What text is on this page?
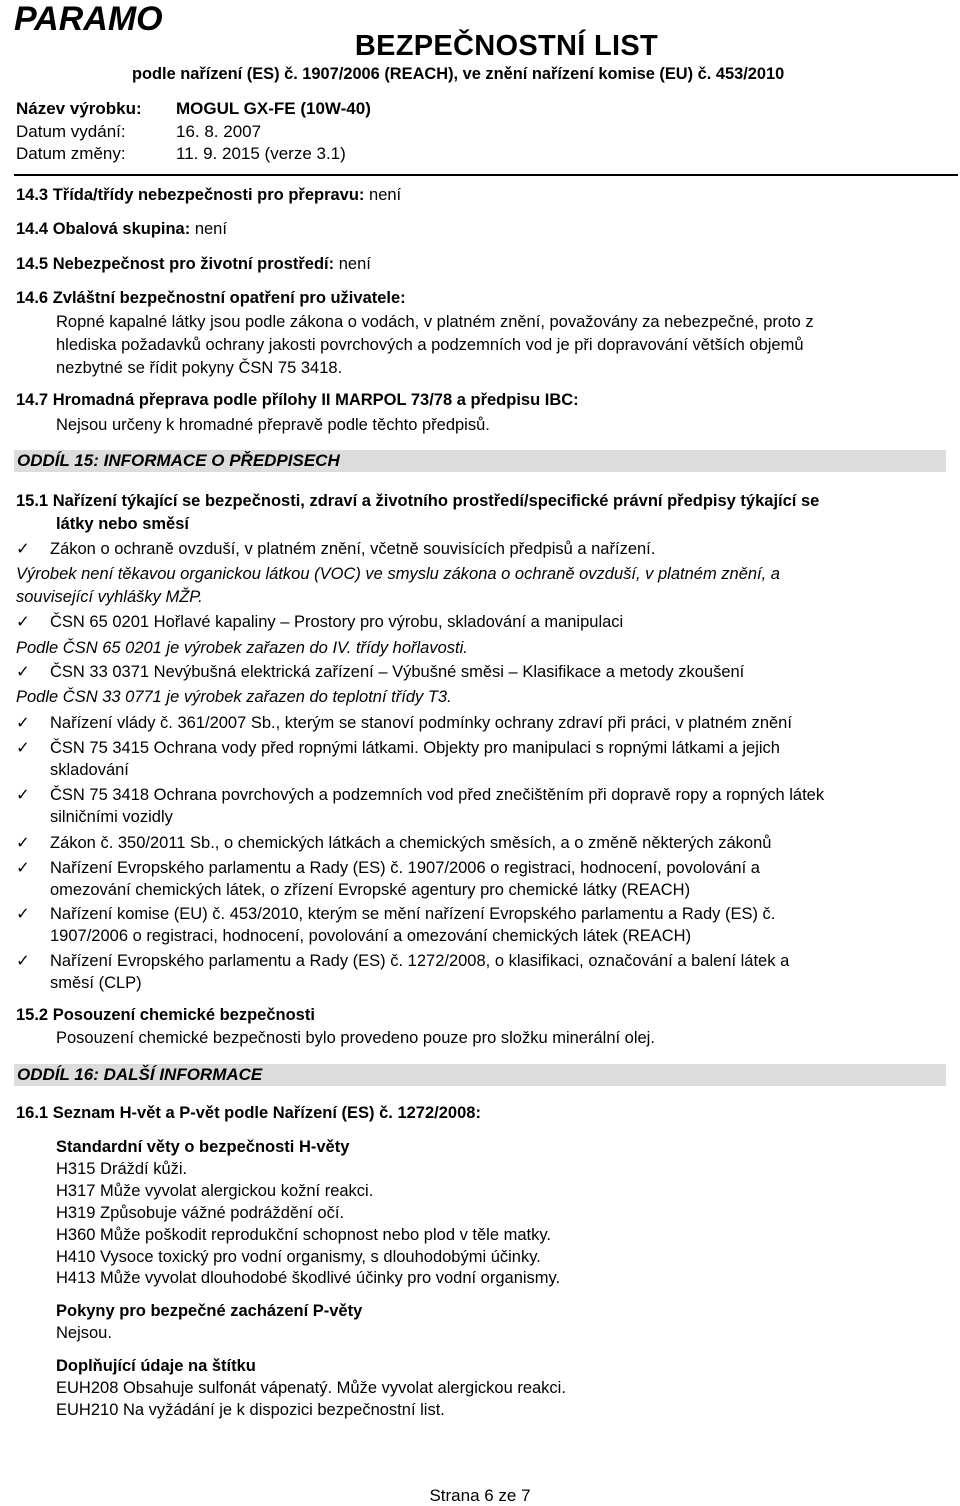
PARAMO
BEZPEČNOSTNÍ LIST
podle nařízení (ES) č. 1907/2006 (REACH), ve znění nařízení komise (EU) č. 453/2010
Název výrobku: MOGUL GX-FE (10W-40)
Datum vydání:	16. 8. 2007
Datum změny:	11. 9. 2015 (verze 3.1)
14.3 Třída/třídy nebezpečnosti pro přepravu: není
14.4 Obalová skupina: není
14.5 Nebezpečnost pro životní prostředí: není
14.6 Zvláštní bezpečnostní opatření pro uživatele:
Ropné kapalné látky jsou podle zákona o vodách, v platném znění, považovány za nebezpečné, proto z
hlediska požadavků ochrany jakosti povrchových a podzemních vod je při dopravování větších objemů
nezbytné se řídit pokyny ČSN 75 3418.
14.7 Hromadná přeprava podle přílohy II MARPOL 73/78 a předpisu IBC:
Nejsou určeny k hromadné přepravě podle těchto předpisů.
ODDÍL 15: INFORMACE O PŘEDPISECH
15.1 Nařízení týkající se bezpečnosti, zdraví a životního prostředí/specifické právní předpisy týkající se
látky nebo směsí
✓ Zákon o ochraně ovzduší, v platném znění, včetně souvisících předpisů a nařízení.
Výrobek není těkavou organickou látkou (VOC) ve smyslu zákona o ochraně ovzduší, v platném znění, a
související vyhlášky MŽP.
✓ ČSN 65 0201 Hořlavé kapaliny – Prostory pro výrobu, skladování a manipulaci
Podle ČSN 65 0201 je výrobek zařazen do IV. třídy hořlavosti.
✓ ČSN 33 0371 Nevýbušná elektrická zařízení – Výbušné směsi – Klasifikace a metody zkoušení
Podle ČSN 33 0771 je výrobek zařazen do teplotní třídy T3.
✓ Nařízení vlády č. 361/2007 Sb., kterým se stanoví podmínky ochrany zdraví při práci, v platném znění
✓ ČSN 75 3415 Ochrana vody před ropnými látkami. Objekty pro manipulaci s ropnými látkami a jejich
skladování
✓ ČSN 75 3418 Ochrana povrchových a podzemních vod před znečištěním při dopravě ropy a ropných látek
silničními vozidly
✓ Zákon č. 350/2011 Sb., o chemických látkách a chemických směsích, a o změně některých zákonů
✓ Nařízení Evropského parlamentu a Rady (ES) č. 1907/2006 o registraci, hodnocení, povolování a
omezování chemických látek, o zřízení Evropské agentury pro chemické látky (REACH)
✓ Nařízení komise (EU) č. 453/2010, kterým se mění nařízení Evropského parlamentu a Rady (ES) č.
1907/2006 o registraci, hodnocení, povolování a omezování chemických látek (REACH)
✓ Nařízení Evropského parlamentu a Rady (ES) č. 1272/2008, o klasifikaci, označování a balení látek a
směsí (CLP)
15.2 Posouzení chemické bezpečnosti
Posouzení chemické bezpečnosti bylo provedeno pouze pro složku minerální olej.
ODDÍL 16: DALŠÍ INFORMACE
16.1 Seznam H-vět a P-vět podle Nařízení (ES) č. 1272/2008:
Standardní věty o bezpečnosti H-věty
H315 Dráždí kůži.
H317 Může vyvolat alergickou kožní reakci.
H319 Způsobuje vážné podráždění očí.
H360 Může poškodit reprodukční schopnost nebo plod v těle matky.
H410 Vysoce toxický pro vodní organismy, s dlouhodobými účinky.
H413 Může vyvolat dlouhodobé škodlivé účinky pro vodní organismy.
Pokyny pro bezpečné zacházení P-věty
Nejsou.
Doplňující údaje na štítku
EUH208 Obsahuje sulfonát vápenatý. Může vyvolat alergickou reakci.
EUH210 Na vyžádání je k dispozici bezpečnostní list.
Strana 6 ze 7
